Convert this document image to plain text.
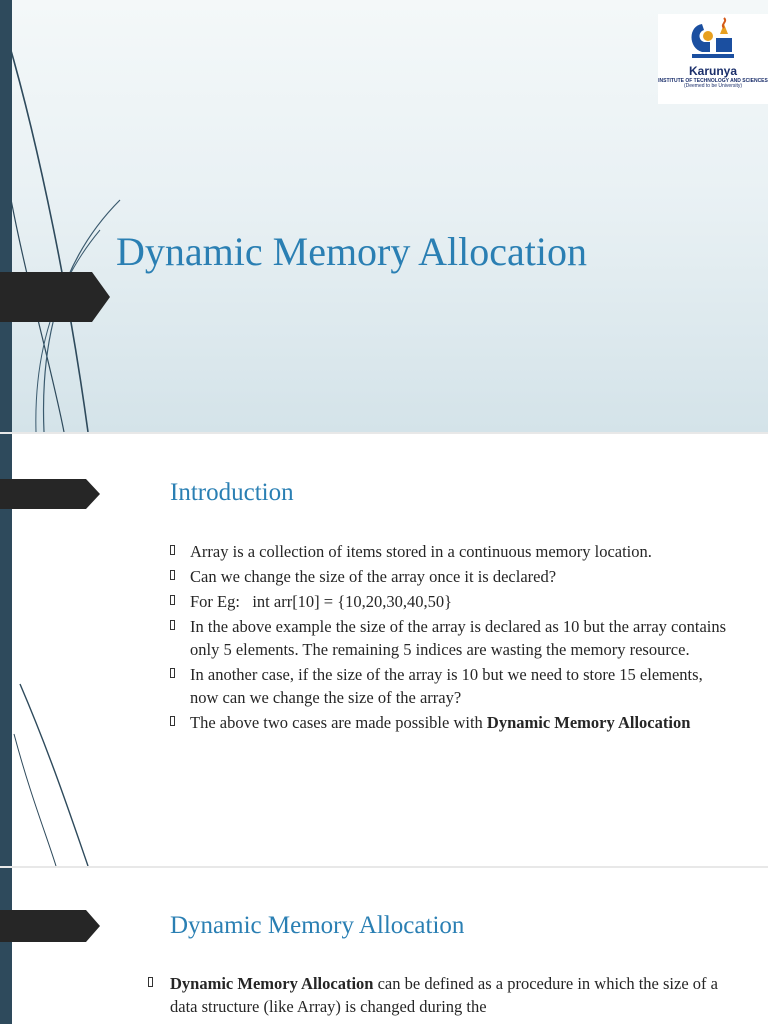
Karunya
INSTITUTE OF TECHNOLOGY AND SCIENCES
(Deemed to be University)
Dynamic Memory Allocation
Introduction
Array is a collection of items stored in a continuous memory location.
Can we change the size of the array once it is declared?
For Eg:   int arr[10] = {10,20,30,40,50}
In the above example the size of the array is declared as 10 but the array contains only 5 elements. The remaining 5 indices are wasting the memory resource.
In another case, if the size of the array is 10 but we need to store 15 elements, now can we change the size of the array?
The above two cases are made possible with Dynamic Memory Allocation
Dynamic Memory Allocation
Dynamic Memory Allocation can be defined as a procedure in which the size of a data structure (like Array) is changed during the
